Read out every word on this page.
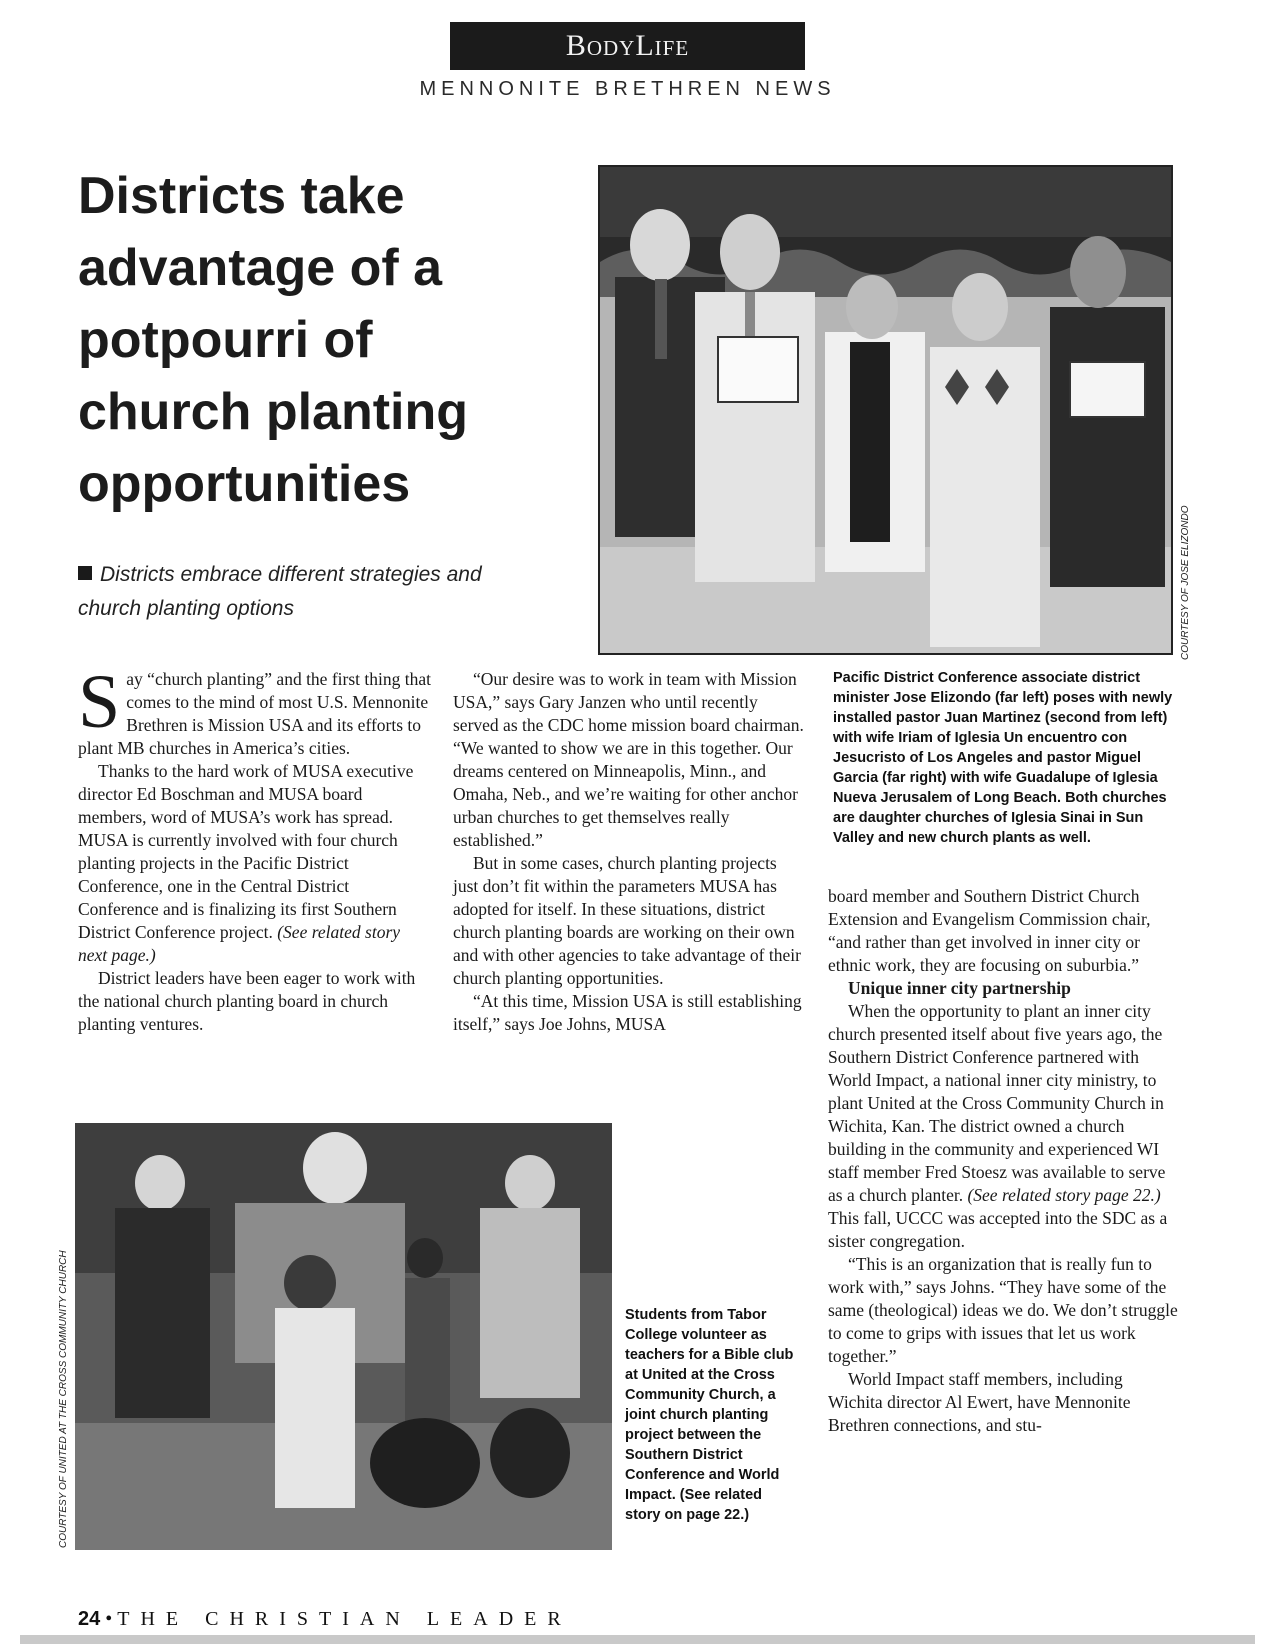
BodyLife
MENNONITE BRETHREN NEWS
Districts take
advantage of a
potpourri of
church planting
opportunities
Districts embrace different strategies and church planting options	COURTESY OF JOSE ELIZONDO
Pacific District Conference associate district minister Jose Elizondo (far left) poses with newly installed pastor Juan Martinez (second from left) with wife Iriam of Iglesia Un encuentro con Jesucristo of Los Angeles and pastor Miguel Garcia (far right) with wife Guadalupe of Iglesia Nueva Jerusalem of Long Beach. Both churches are daughter churches of Iglesia Sinai in Sun Valley and new church plants as well.

Say “church planting” and the first thing that comes to the mind of most U.S. Mennonite Brethren is Mission USA and its efforts to plant MB churches in America’s cities.

Thanks to the hard work of MUSA executive director Ed Boschman and MUSA board members, word of MUSA’s work has spread. MUSA is currently involved with four church planting projects in the Pacific District Conference, one in the Central District Conference and is finalizing its first Southern District Conference project. (See related story next page.)

District leaders have been eager to work with the national church planting board in church planting ventures.

“Our desire was to work in team with Mission USA,” says Gary Janzen who until recently served as the CDC home mission board chairman. “We wanted to show we are in this together. Our dreams centered on Minneapolis, Minn., and Omaha, Neb., and we’re waiting for other anchor urban churches to get themselves really established.”

But in some cases, church planting projects just don’t fit within the parameters MUSA has adopted for itself. In these situations, district church planting boards are working on their own and with other agencies to take advantage of their church planting opportunities.

“At this time, Mission USA is still establishing itself,” says Joe Johns, MUSA

board member and Southern District Church Extension and Evangelism Commission chair, “and rather than get involved in inner city or ethnic work, they are focusing on suburbia.”

Unique inner city partnership

When the opportunity to plant an inner city church presented itself about five years ago, the Southern District Conference partnered with World Impact, a national inner city ministry, to plant United at the Cross Community Church in Wichita, Kan. The district owned a church building in the community and experienced WI staff member Fred Stoesz was available to serve as a church planter. (See related story page 22.) This fall, UCCC was accepted into the SDC as a sister congregation.

“This is an organization that is really fun to work with,” says Johns. “They have some of the same (theological) ideas we do. We don’t struggle to come to grips with issues that let us work together.”

World Impact staff members, including Wichita director Al Ewert, have Mennonite Brethren connections, and stu-

COURTESY OF UNITED AT THE CROSS COMMUNITY CHURCH	Students from Tabor College volunteer as teachers for a Bible club at United at the Cross Community Church, a joint church planting project between the Southern District Conference and World Impact. (See related story on page 22.)
24 • THE CHRISTIAN LEADER
